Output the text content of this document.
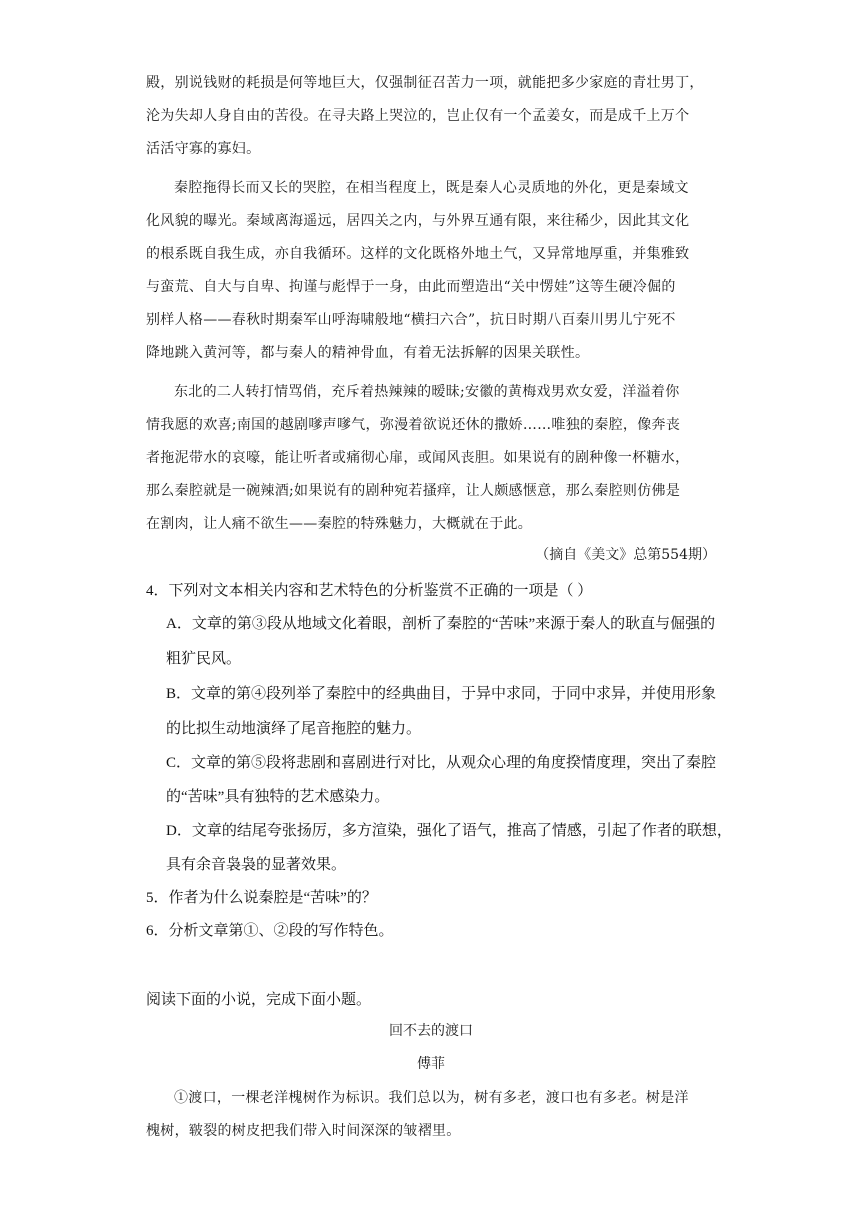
殿，别说钱财的耗损是何等地巨大，仅强制征召苦力一项，就能把多少家庭的青壮男丁，
沦为失却人身自由的苦役。在寻夫路上哭泣的，岂止仅有一个孟姜女，而是成千上万个
活活守寡的寡妇。
秦腔拖得长而又长的哭腔，在相当程度上，既是秦人心灵质地的外化，更是秦域文
化风貌的曝光。秦域离海遥远，居四关之内，与外界互通有限，来往稀少，因此其文化
的根系既自我生成，亦自我循环。这样的文化既格外地土气，又异常地厚重，并集雅致
与蛮荒、自大与自卑、拘谨与彪悍于一身，由此而塑造出“关中愣娃”这等生硬冷倔的
别样人格——春秋时期秦军山呼海啸般地“横扫六合”，抗日时期八百秦川男儿宁死不
降地跳入黄河等，都与秦人的精神骨血，有着无法拆解的因果关联性。
东北的二人转打情骂俏，充斥着热辣辣的暧昧;安徽的黄梅戏男欢女爱，洋溢着你
情我愿的欢喜;南国的越剧嗲声嗲气，弥漫着欲说还休的撒娇……唯独的秦腔，像奔丧
者拖泥带水的哀嚎，能让听者或痛彻心扉，或闻风丧胆。如果说有的剧种像一杯糖水，
那么秦腔就是一碗辣酒;如果说有的剧种宛若搔痒，让人颇感惬意，那么秦腔则仿佛是
在割肉，让人痛不欲生——秦腔的特殊魅力，大概就在于此。
（摘自《美文》总第554期）
4．下列对文本相关内容和艺术特色的分析鉴赏不正确的一项是（ ）
A．文章的第③段从地域文化着眼，剖析了秦腔的“苦味”来源于秦人的耿直与倔强的
粗犷民风。
B．文章的第④段列举了秦腔中的经典曲目，于异中求同，于同中求异，并使用形象
的比拟生动地演绎了尾音拖腔的魅力。
C．文章的第⑤段将悲剧和喜剧进行对比，从观众心理的角度揆情度理，突出了秦腔
的“苦味”具有独特的艺术感染力。
D．文章的结尾夸张扬厉，多方渲染，强化了语气，推高了情感，引起了作者的联想，
具有余音袅袅的显著效果。
5．作者为什么说秦腔是“苦味”的？
6．分析文章第①、②段的写作特色。
阅读下面的小说，完成下面小题。
回不去的渡口
傅菲
①渡口，一棵老洋槐树作为标识。我们总以为，树有多老，渡口也有多老。树是洋
槐树，皲裂的树皮把我们带入时间深深的皱褶里。
